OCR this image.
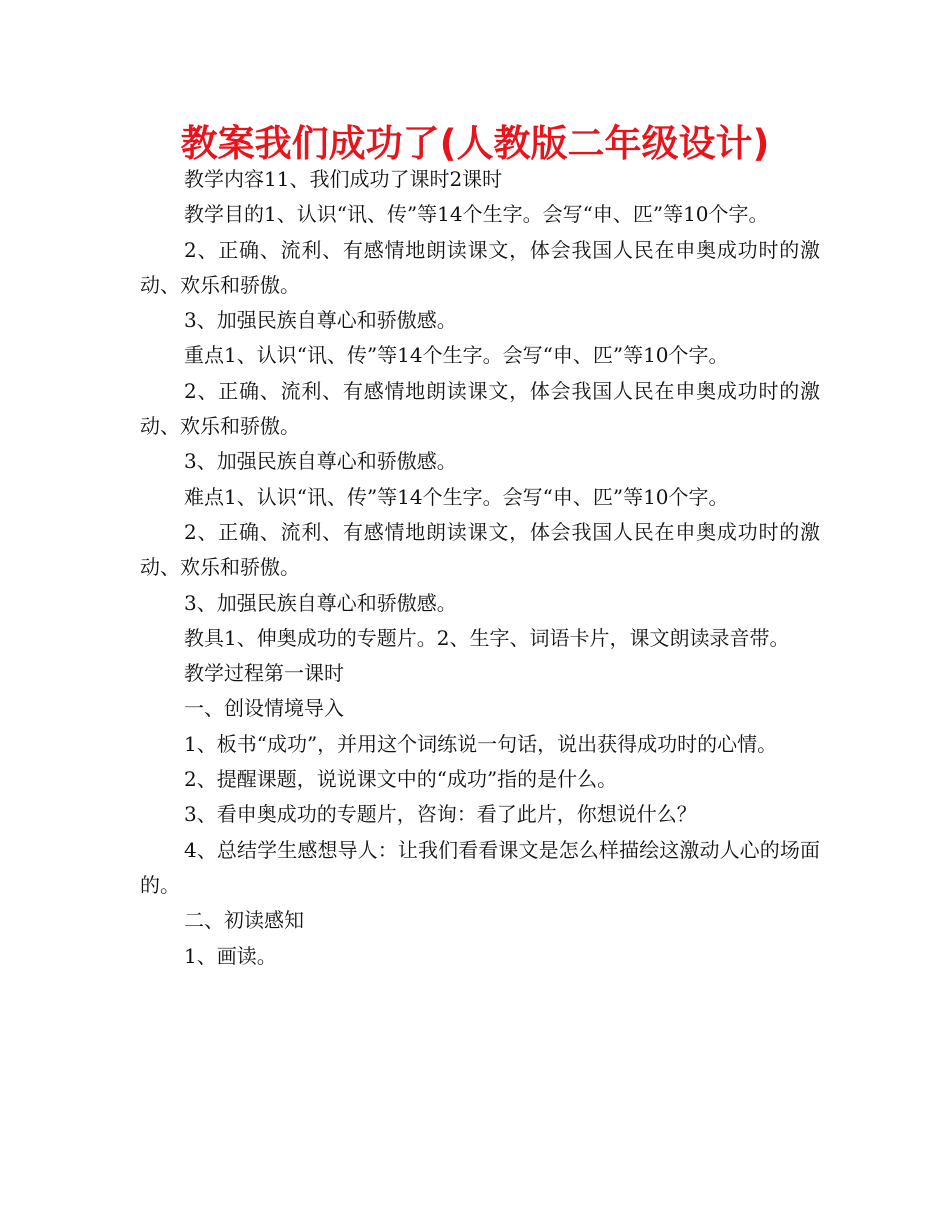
教案我们成功了(人教版二年级设计)

教学内容11、我们成功了课时2课时

教学目的1、认识“讯、传”等14个生字。会写“申、匹”等10个字。

2、正确、流利、有感情地朗读课文，体会我国人民在申奥成功时的激动、欢乐和骄傲。

3、加强民族自尊心和骄傲感。

重点1、认识“讯、传”等14个生字。会写“申、匹”等10个字。

2、正确、流利、有感情地朗读课文，体会我国人民在申奥成功时的激动、欢乐和骄傲。

3、加强民族自尊心和骄傲感。

难点1、认识“讯、传”等14个生字。会写“申、匹”等10个字。

2、正确、流利、有感情地朗读课文，体会我国人民在申奥成功时的激动、欢乐和骄傲。

3、加强民族自尊心和骄傲感。

教具1、伸奥成功的专题片。2、生字、词语卡片，课文朗读录音带。

教学过程第一课时

一、创设情境导入

1、板书“成功”，并用这个词练说一句话，说出获得成功时的心情。

2、提醒课题，说说课文中的“成功”指的是什么。

3、看申奥成功的专题片，咨询：看了此片，你想说什么？

4、总结学生感想导人：让我们看看课文是怎么样描绘这激动人心的场面的。

二、初读感知

1、画读。
